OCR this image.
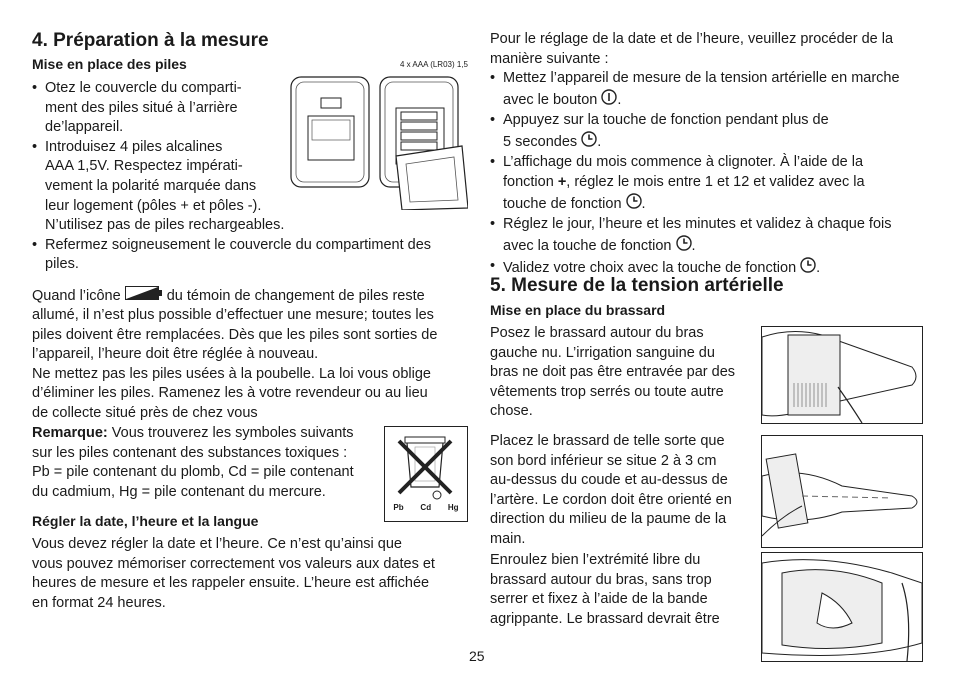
4. Préparation à la mesure
Mise en place des piles
• Otez le couvercle du comparti-
ment des piles situé à l’arrière
de’lappareil.
• Introduisez 4 piles alcalines
AAA 1,5V. Respectez impérati-
vement la polarité marquée dans
leur logement (pôles + et pôles -).
N’utilisez pas de piles rechargeables.
• Refermez soigneusement le couvercle du compartiment des
piles.
4 x AAA (LR03) 1,5

Quand l’icône	du témoin de changement de piles reste

allumé, il n’est plus possible d’effectuer une mesure; toutes les
piles doivent être remplacées. Dès que les piles sont sorties de
l’appareil, l’heure doit être réglée à nouveau.
Ne mettez pas les piles usées à la poubelle. La loi vous oblige
d’éliminer les piles. Ramenez les à votre revendeur ou au lieu
de collecte situé près de chez vous

Remarque: Vous trouverez les symboles suivants
sur les piles contenant des substances toxiques :
Pb = pile contenant du plomb, Cd = pile contenant
du cadmium, Hg = pile contenant du mercure.

Pb Cd Hg
Régler la date, l’heure et la langue

Vous devez régler la date et l’heure. Ce n’est qu’ainsi que
vous pouvez mémoriser correctement vos valeurs aux dates et
heures de mesure et les rappeler ensuite. L’heure est affichée
en format 24 heures.

Pour le réglage de la date et de l’heure, veuillez procéder de la
manière suivante :

• Mettez l’appareil de mesure de la tension artérielle en marche
avec le bouton .
• Appuyez sur la touche de fonction pendant plus de
5 secondes .
• L’affichage du mois commence à clignoter. À l’aide de la
fonction +, réglez le mois entre 1 et 12 et validez avec la
touche de fonction .
• Réglez le jour, l’heure et les minutes et validez à chaque fois
avec la touche de fonction .
• Validez votre choix avec la touche de fonction .
5. Mesure de la tension artérielle
Mise en place du brassard

Posez le brassard autour du bras
gauche nu. L’irrigation sanguine du
bras ne doit pas être entravée par des
vêtements trop serrés ou toute autre
chose.

Placez le brassard de telle sorte que
son bord inférieur se situe 2 à 3 cm
au-dessus du coude et au-dessus de
l’artère. Le cordon doit être orienté en
direction du milieu de la paume de la
main.

Enroulez bien l’extrémité libre du
brassard autour du bras, sans trop
serrer et fixez à l’aide de la bande
agrippante. Le brassard devrait être

25
